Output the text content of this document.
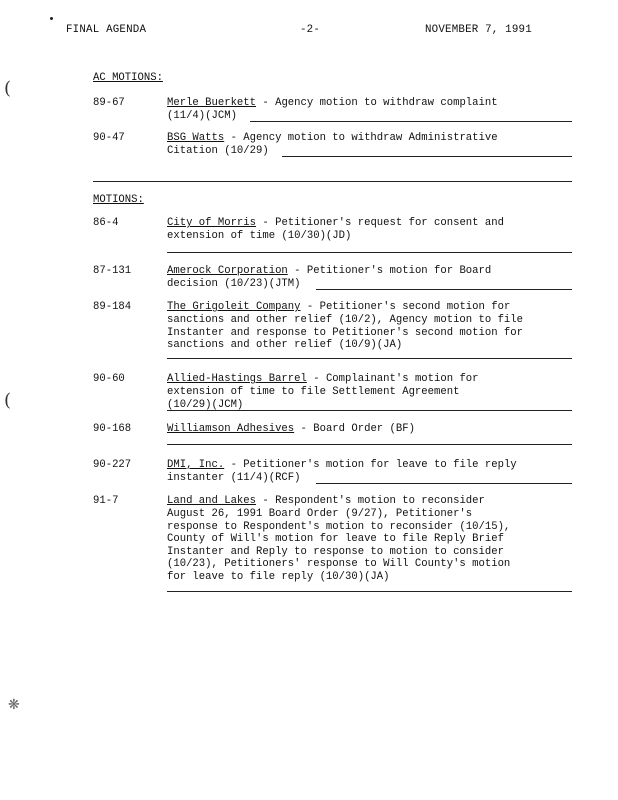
(
(
❋
FINAL AGENDA	-2-	NOVEMBER 7, 1991
AC MOTIONS:
89-67	Merle Buerkett - Agency motion to withdraw complaint
(11/4)(JCM)
90-47	BSG Watts - Agency motion to withdraw Administrative
Citation (10/29)
MOTIONS:
86-4	City of Morris - Petitioner's request for consent and
extension of time (10/30)(JD)
87-131	Amerock Corporation - Petitioner's motion for Board
decision (10/23)(JTM)
89-184	The Grigoleit Company - Petitioner's second motion for
sanctions and other relief (10/2), Agency motion to file
Instanter and response to Petitioner's second motion for
sanctions and other relief (10/9)(JA)
90-60	Allied-Hastings Barrel - Complainant's motion for
extension of time to file Settlement Agreement
(10/29)(JCM)
90-168	Williamson Adhesives - Board Order (BF)
90-227	DMI, Inc. - Petitioner's motion for leave to file reply
instanter (11/4)(RCF)
91-7	Land and Lakes - Respondent's motion to reconsider
August 26, 1991 Board Order (9/27), Petitioner's
response to Respondent's motion to reconsider (10/15),
County of Will's motion for leave to file Reply Brief
Instanter and Reply to response to motion to consider
(10/23), Petitioners' response to Will County's motion
for leave to file reply (10/30)(JA)
